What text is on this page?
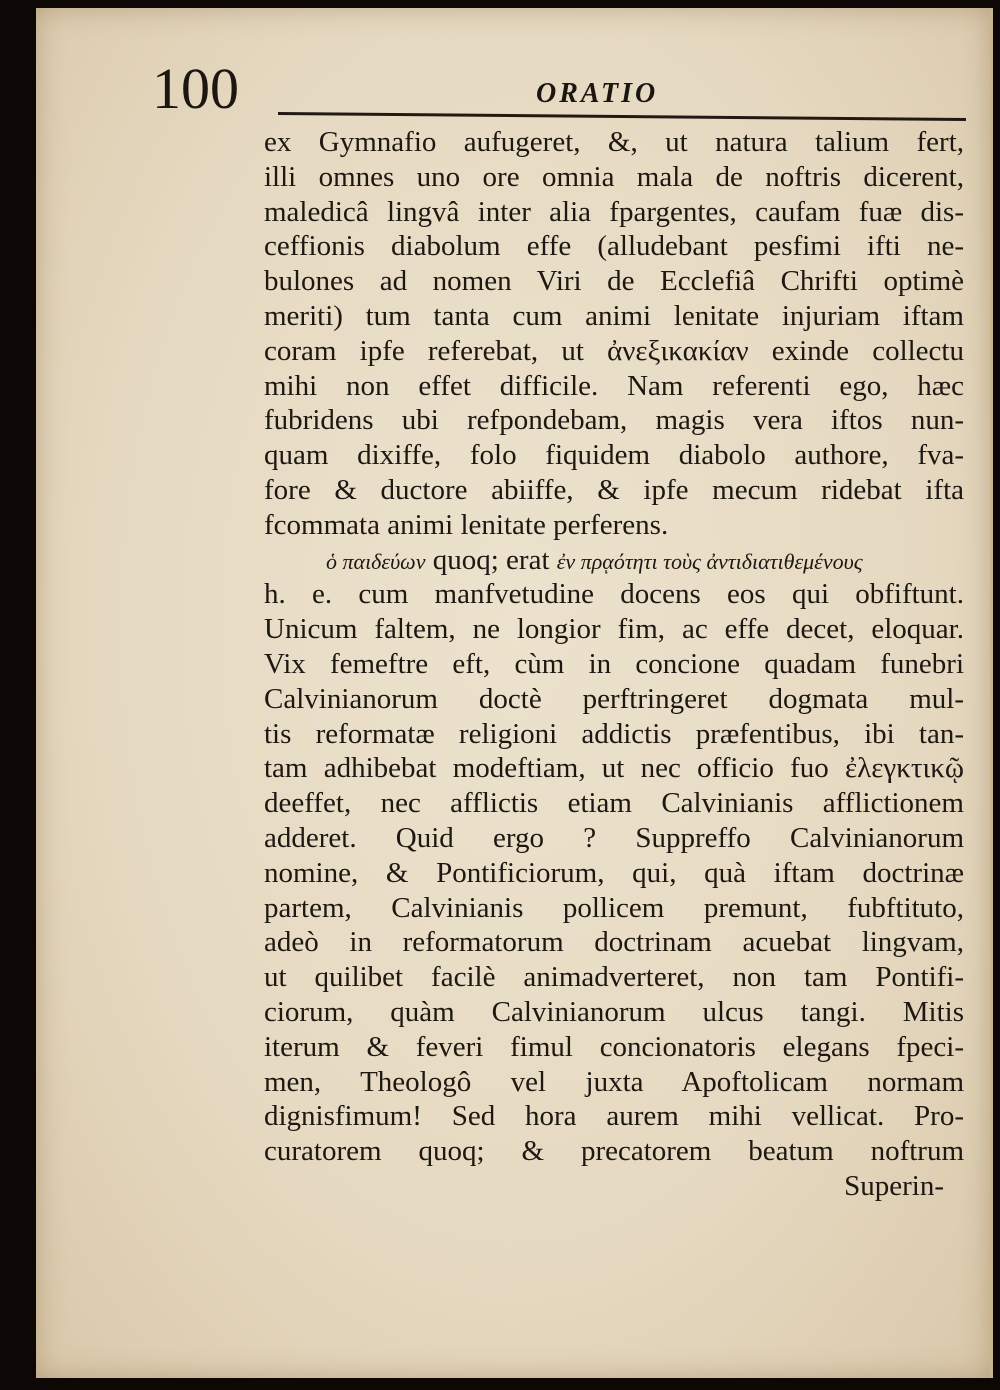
100	ORATIO
ex Gymnafio aufugeret, &, ut natura talium fert,
illi omnes uno ore omnia mala de noftris dicerent,
maledicâ lingvâ inter alia fpargentes, caufam fuæ dis-
ceffionis diabolum effe (alludebant pesfimi ifti ne-
bulones ad nomen Viri de Ecclefiâ Chrifti optimè
meriti) tum tanta cum animi lenitate injuriam iftam
coram ipfe referebat, ut ἀνεξικακίαν exinde collectu
mihi non effet difficile. Nam referenti ego, hæc
fubridens ubi refpondebam, magis vera iftos nun-
quam dixiffe, folo fiquidem diabolo authore, fva-
fore & ductore abiiffe, & ipfe mecum ridebat ifta
fcommata animi lenitate perferens.
ὁ παιδεύων quoq; erat ἐν πρᾳότητι τοὺς ἀντιδιατιθεμένους
h. e. cum manfvetudine docens eos qui obfiftunt.
Unicum faltem, ne longior fim, ac effe decet, eloquar.
Vix femeftre eft, cùm in concione quadam funebri
Calvinianorum doctè perftringeret dogmata mul-
tis reformatæ religioni addictis præfentibus, ibi tan-
tam adhibebat modeftiam, ut nec officio fuo ἐλεγκτικῷ
deeffet, nec afflictis etiam Calvinianis afflictionem
adderet. Quid ergo ? Suppreffo Calvinianorum
nomine, & Pontificiorum, qui, quà iftam doctrinæ
partem, Calvinianis pollicem premunt, fubftituto,
adeò in reformatorum doctrinam acuebat lingvam,
ut quilibet facilè animadverteret, non tam Pontifi-
ciorum, quàm Calvinianorum ulcus tangi. Mitis
iterum & feveri fimul concionatoris elegans fpeci-
men, Theologô vel juxta Apoftolicam normam
dignisfimum! Sed hora aurem mihi vellicat. Pro-
curatorem quoq; & precatorem beatum noftrum
Superin-
